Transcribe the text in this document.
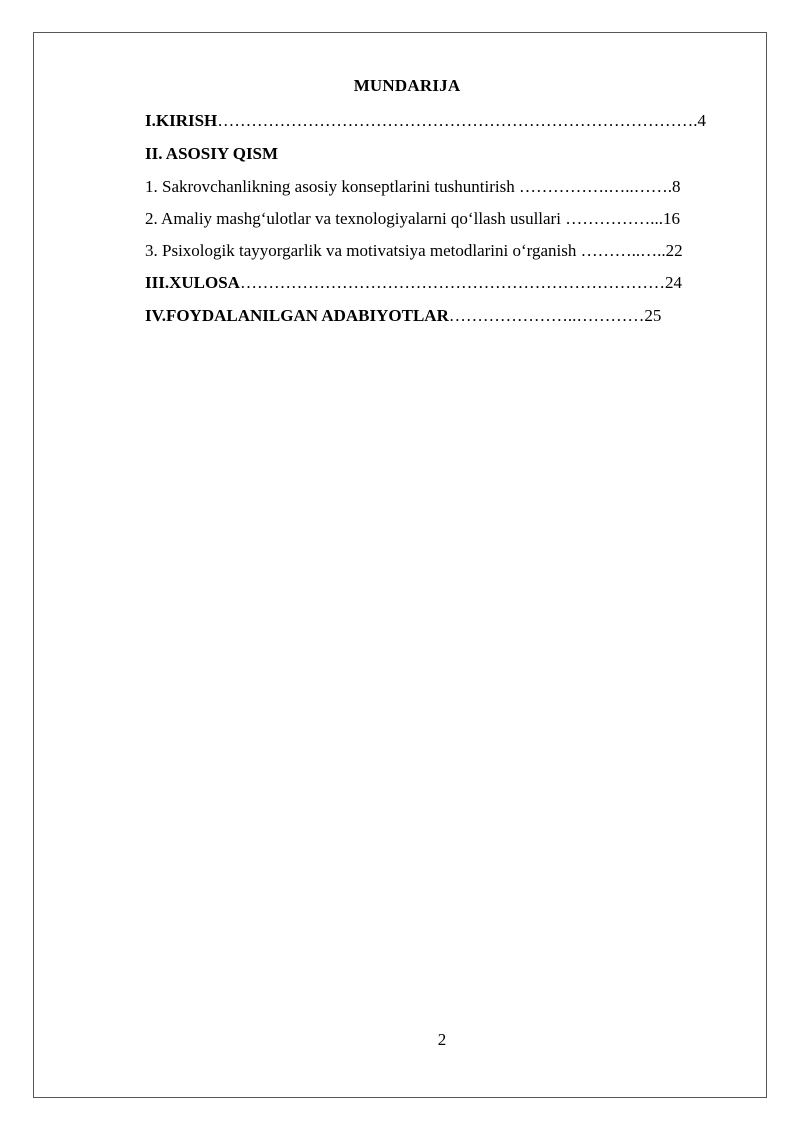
MUNDARIJA
I.KIRISH………………………………………………………………………….4
II. ASOSIY QISM
1. Sakrovchanlikning asosiy konseptlarini tushuntirish …………….…..…….8
2. Amaliy mashg‘ulotlar va texnologiyalarni qo‘llash usullari ……………...16
3. Psixologik tayyorgarlik va motivatsiya metodlarini o‘rganish ………..…..22
III.XULOSA…………………………………………………………………24
IV.FOYDALANILGAN ADABIYOTLAR…………………..…………25
2
